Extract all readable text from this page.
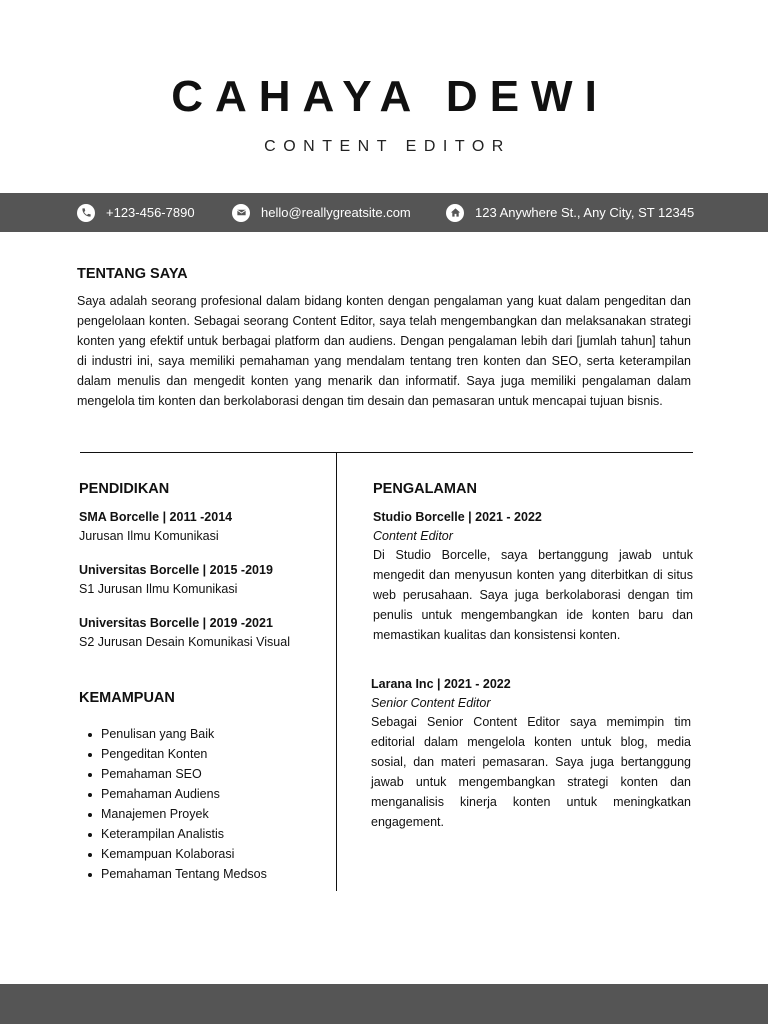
CAHAYA DEWI
CONTENT EDITOR
+123-456-7890	hello@reallygreatsite.com	123 Anywhere St., Any City, ST 12345
TENTANG SAYA
Saya adalah seorang profesional dalam bidang konten dengan pengalaman yang kuat dalam pengeditan dan pengelolaan konten. Sebagai seorang Content Editor, saya telah mengembangkan dan melaksanakan strategi konten yang efektif untuk berbagai platform dan audiens. Dengan pengalaman lebih dari [jumlah tahun] tahun di industri ini, saya memiliki pemahaman yang mendalam tentang tren konten dan SEO, serta keterampilan dalam menulis dan mengedit konten yang menarik dan informatif. Saya juga memiliki pengalaman dalam mengelola tim konten dan berkolaborasi dengan tim desain dan pemasaran untuk mencapai tujuan bisnis.
PENDIDIKAN
SMA Borcelle | 2011 -2014
Jurusan Ilmu Komunikasi
Universitas Borcelle | 2015 -2019
S1 Jurusan Ilmu Komunikasi
Universitas Borcelle | 2019 -2021
S2 Jurusan Desain Komunikasi Visual
KEMAMPUAN
Penulisan yang Baik
Pengeditan Konten
Pemahaman SEO
Pemahaman Audiens
Manajemen Proyek
Keterampilan Analistis
Kemampuan Kolaborasi
Pemahaman Tentang Medsos
PENGALAMAN
Studio Borcelle | 2021 - 2022
Content Editor
Di Studio Borcelle, saya bertanggung jawab untuk mengedit dan menyusun konten yang diterbitkan di situs web perusahaan. Saya juga berkolaborasi dengan tim penulis untuk mengembangkan ide konten baru dan memastikan kualitas dan konsistensi konten.
Larana Inc | 2021 - 2022
Senior Content Editor
Sebagai Senior Content Editor saya memimpin tim editorial dalam mengelola konten untuk blog, media sosial, dan materi pemasaran. Saya juga bertanggung jawab untuk mengembangkan strategi konten dan menganalisis kinerja konten untuk meningkatkan engagement.
